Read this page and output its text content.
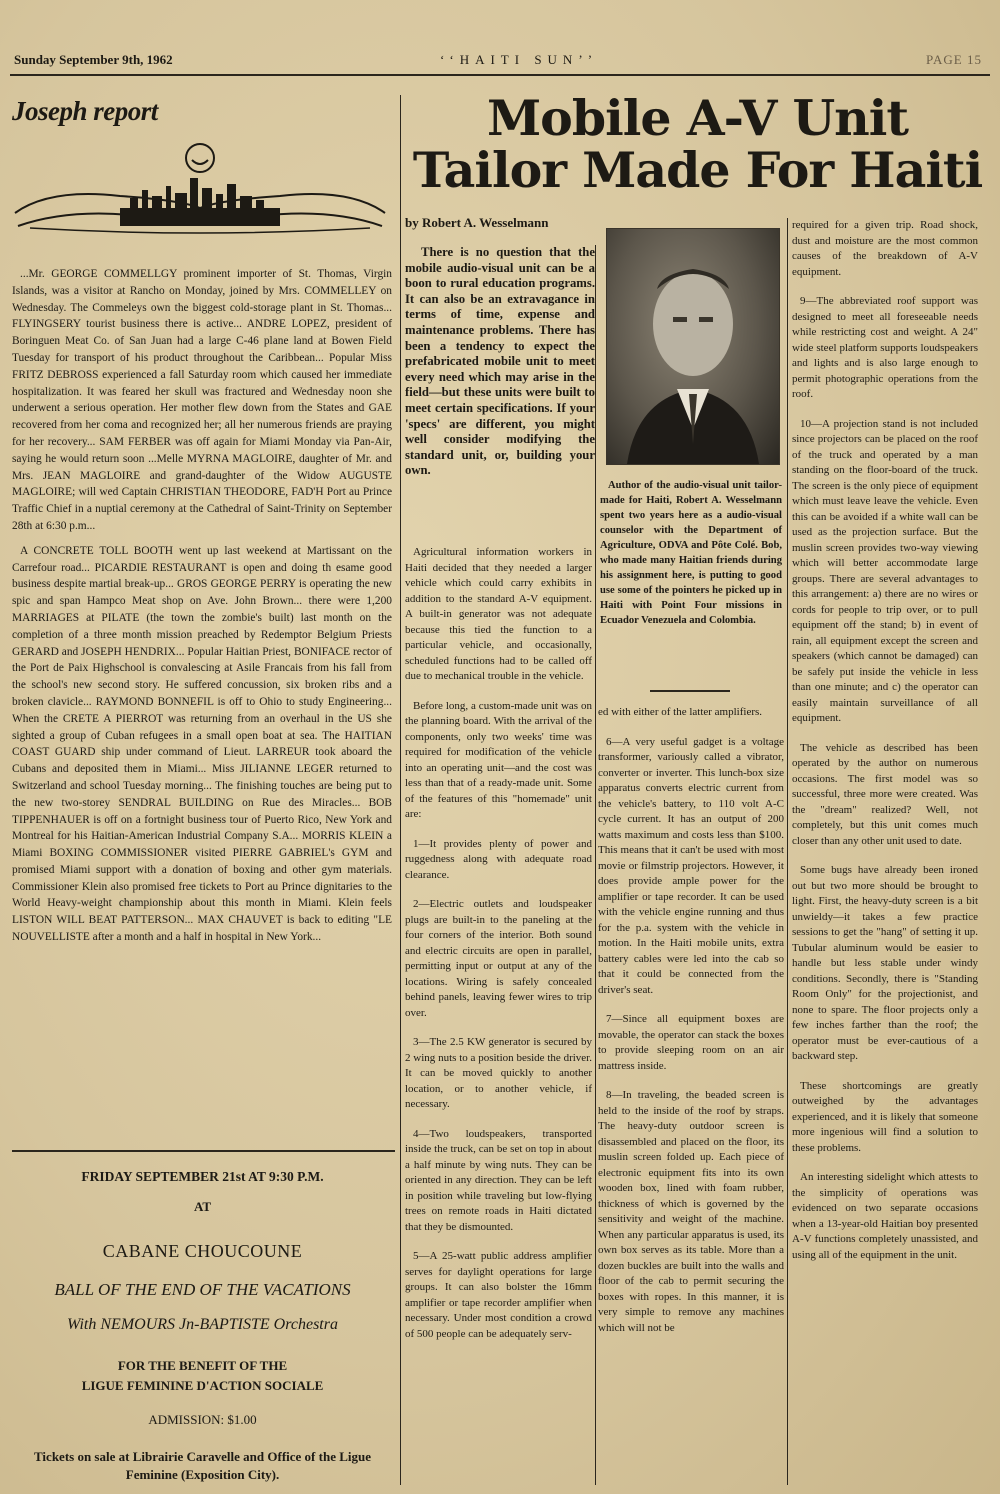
Sunday September 9th, 1962	‘‘HAITI SUN’’	PAGE 15
Joseph report

...Mr. GEORGE COMMELLGY prominent importer of St. Thomas, Virgin Islands, was a visitor at Rancho on Monday, joined by Mrs. COMMELLEY on Wednesday. The Commeleys own the biggest cold-storage plant in St. Thomas... FLYINGSERY tourist business there is active... ANDRE LOPEZ, president of Boringuen Meat Co. of San Juan had a large C-46 plane land at Bowen Field Tuesday for transport of his product throughout the Caribbean... Popular Miss FRITZ DEBROSS experienced a fall Saturday room which caused her immediate hospitalization. It was feared her skull was fractured and Wednesday noon she underwent a serious operation. Her mother flew down from the States and GAE recovered from her coma and recognized her; all her numerous friends are praying for her recovery... SAM FERBER was off again for Miami Monday via Pan-Air, saying he would return soon ...Melle MYRNA MAGLOIRE, daughter of Mr. and Mrs. JEAN MAGLOIRE and grand-daughter of the Widow AUGUSTE MAGLOIRE; will wed Captain CHRISTIAN THEODORE, FAD'H Port au Prince Traffic Chief in a nuptial ceremony at the Cathedral of Saint-Trinity on September 28th at 6:30 p.m...

A CONCRETE TOLL BOOTH went up last weekend at Martissant on the Carrefour road... PICARDIE RESTAURANT is open and doing th esame good business despite martial break-up... GROS GEORGE PERRY is operating the new spic and span Hampco Meat shop on Ave. John Brown... there were 1,200 MARRIAGES at PILATE (the town the zombie's built) last month on the completion of a three month mission preached by Redemptor Belgium Priests GERARD and JOSEPH HENDRIX... Popular Haitian Priest, BONIFACE rector of the Port de Paix Highschool is convalescing at Asile Francais from his fall from the school's new second story. He suffered concussion, six broken ribs and a broken clavicle... RAYMOND BONNEFIL is off to Ohio to study Engineering... When the CRETE A PIERROT was returning from an overhaul in the US she sighted a group of Cuban refugees in a small open boat at sea. The HAITIAN COAST GUARD ship under command of Lieut. LARREUR took aboard the Cubans and deposited them in Miami... Miss JILIANNE LEGER returned to Switzerland and school Tuesday morning... The finishing touches are being put to the new two-storey SENDRAL BUILDING on Rue des Miracles... BOB TIPPENHAUER is off on a fortnight business tour of Puerto Rico, New York and Montreal for his Haitian-American Industrial Company S.A... MORRIS KLEIN a Miami BOXING COMMISSIONER visited PIERRE GABRIEL's GYM and promised Miami support with a donation of boxing and other gym materials. Commissioner Klein also promised free tickets to Port au Prince dignitaries to the World Heavy-weight championship about this month in Miami. Klein feels LISTON WILL BEAT PATTERSON... MAX CHAUVET is back to editing "LE NOUVELLISTE after a month and a half in hospital in New York...

FRIDAY SEPTEMBER 21st AT 9:30 P.M.
AT
CABANE CHOUCOUNE
BALL OF THE END OF THE VACATIONS
With NEMOURS Jn-BAPTISTE Orchestra
FOR THE BENEFIT OF THE
LIGUE FEMININE D'ACTION SOCIALE
ADMISSION: $1.00
Tickets on sale at Librairie Caravelle and Office of the Ligue Feminine (Exposition City).
Mobile A-V Unit
Tailor Made For Haiti
by Robert A. Wesselmann

There is no question that the mobile audio-visual unit can be a boon to rural education programs. It can also be an extravagance in terms of time, expense and maintenance problems. There has been a tendency to expect the prefabricated mobile unit to meet every need which may arise in the field—but these units were built to meet certain specifications. If your 'specs' are different, you might well consider modifying the standard unit, or, building your own.

Agricultural information workers in Haiti decided that they needed a larger vehicle which could carry exhibits in addition to the standard A-V equipment. A built-in generator was not adequate because this tied the function to a particular vehicle, and occasionally, scheduled functions had to be called off due to mechanical trouble in the vehicle.

Before long, a custom-made unit was on the planning board. With the arrival of the components, only two weeks' time was required for modification of the vehicle into an operating unit—and the cost was less than that of a ready-made unit. Some of the features of this "homemade" unit are:

1—It provides plenty of power and ruggedness along with adequate road clearance.

2—Electric outlets and loudspeaker plugs are built-in to the paneling at the four corners of the interior. Both sound and electric circuits are open in parallel, permitting input or output at any of the locations. Wiring is safely concealed behind panels, leaving fewer wires to trip over.

3—The 2.5 KW generator is secured by 2 wing nuts to a position beside the driver. It can be moved quickly to another location, or to another vehicle, if necessary.

4—Two loudspeakers, transported inside the truck, can be set on top in about a half minute by wing nuts. They can be oriented in any direction. They can be left in position while traveling but low-flying trees on remote roads in Haiti dictated that they be dismounted.

5—A 25-watt public address amplifier serves for daylight operations for large groups. It can also bolster the 16mm amplifier or tape recorder amplifier when necessary. Under most condition a crowd of 500 people can be adequately serv-

Author of the audio-visual unit tailor-made for Haiti, Robert A. Wesselmann spent two years here as a audio-visual counselor with the Department of Agriculture, ODVA and Pôte Colé. Bob, who made many Haitian friends during his assignment here, is putting to good use some of the pointers he picked up in Haiti with Point Four missions in Ecuador Venezuela and Colombia.

ed with either of the latter amplifiers.

6—A very useful gadget is a voltage transformer, variously called a vibrator, converter or inverter. This lunch-box size apparatus converts electric current from the vehicle's battery, to 110 volt A-C cycle current. It has an output of 200 watts maximum and costs less than $100. This means that it can't be used with most movie or filmstrip projectors. However, it does provide ample power for the amplifier or tape recorder. It can be used with the vehicle engine running and thus for the p.a. system with the vehicle in motion. In the Haiti mobile units, extra battery cables were led into the cab so that it could be connected from the driver's seat.

7—Since all equipment boxes are movable, the operator can stack the boxes to provide sleeping room on an air mattress inside.

8—In traveling, the beaded screen is held to the inside of the roof by straps. The heavy-duty outdoor screen is disassembled and placed on the floor, its muslin screen folded up. Each piece of electronic equipment fits into its own wooden box, lined with foam rubber, thickness of which is governed by the sensitivity and weight of the machine. When any particular apparatus is used, its own box serves as its table. More than a dozen buckles are built into the walls and floor of the cab to permit securing the boxes with ropes. In this manner, it is very simple to remove any machines which will not be

required for a given trip. Road shock, dust and moisture are the most common causes of the breakdown of A-V equipment.

9—The abbreviated roof support was designed to meet all foreseeable needs while restricting cost and weight. A 24" wide steel platform supports loudspeakers and lights and is also large enough to permit photographic operations from the roof.

10—A projection stand is not included since projectors can be placed on the roof of the truck and operated by a man standing on the floor-board of the truck. The screen is the only piece of equipment which must leave leave the vehicle. Even this can be avoided if a white wall can be used as the projection surface. But the muslin screen provides two-way viewing which will better accommodate large groups. There are several advantages to this arrangement: a) there are no wires or cords for people to trip over, or to pull equipment off the stand; b) in event of rain, all equipment except the screen and speakers (which cannot be damaged) can be safely put inside the vehicle in less than one minute; and c) the operator can easily maintain surveillance of all equipment.

The vehicle as described has been operated by the author on numerous occasions. The first model was so successful, three more were created. Was the "dream" realized? Well, not completely, but this unit comes much closer than any other unit used to date.

Some bugs have already been ironed out but two more should be brought to light. First, the heavy-duty screen is a bit unwieldy—it takes a few practice sessions to get the "hang" of setting it up. Tubular aluminum would be easier to handle but less stable under windy conditions. Secondly, there is "Standing Room Only" for the projectionist, and none to spare. The floor projects only a few inches farther than the roof; the operator must be ever-cautious of a backward step.

These shortcomings are greatly outweighed by the advantages experienced, and it is likely that someone more ingenious will find a solution to these problems.

An interesting sidelight which attests to the simplicity of operations was evidenced on two separate occasions when a 13-year-old Haitian boy presented A-V functions completely unassisted, and using all of the equipment in the unit.
